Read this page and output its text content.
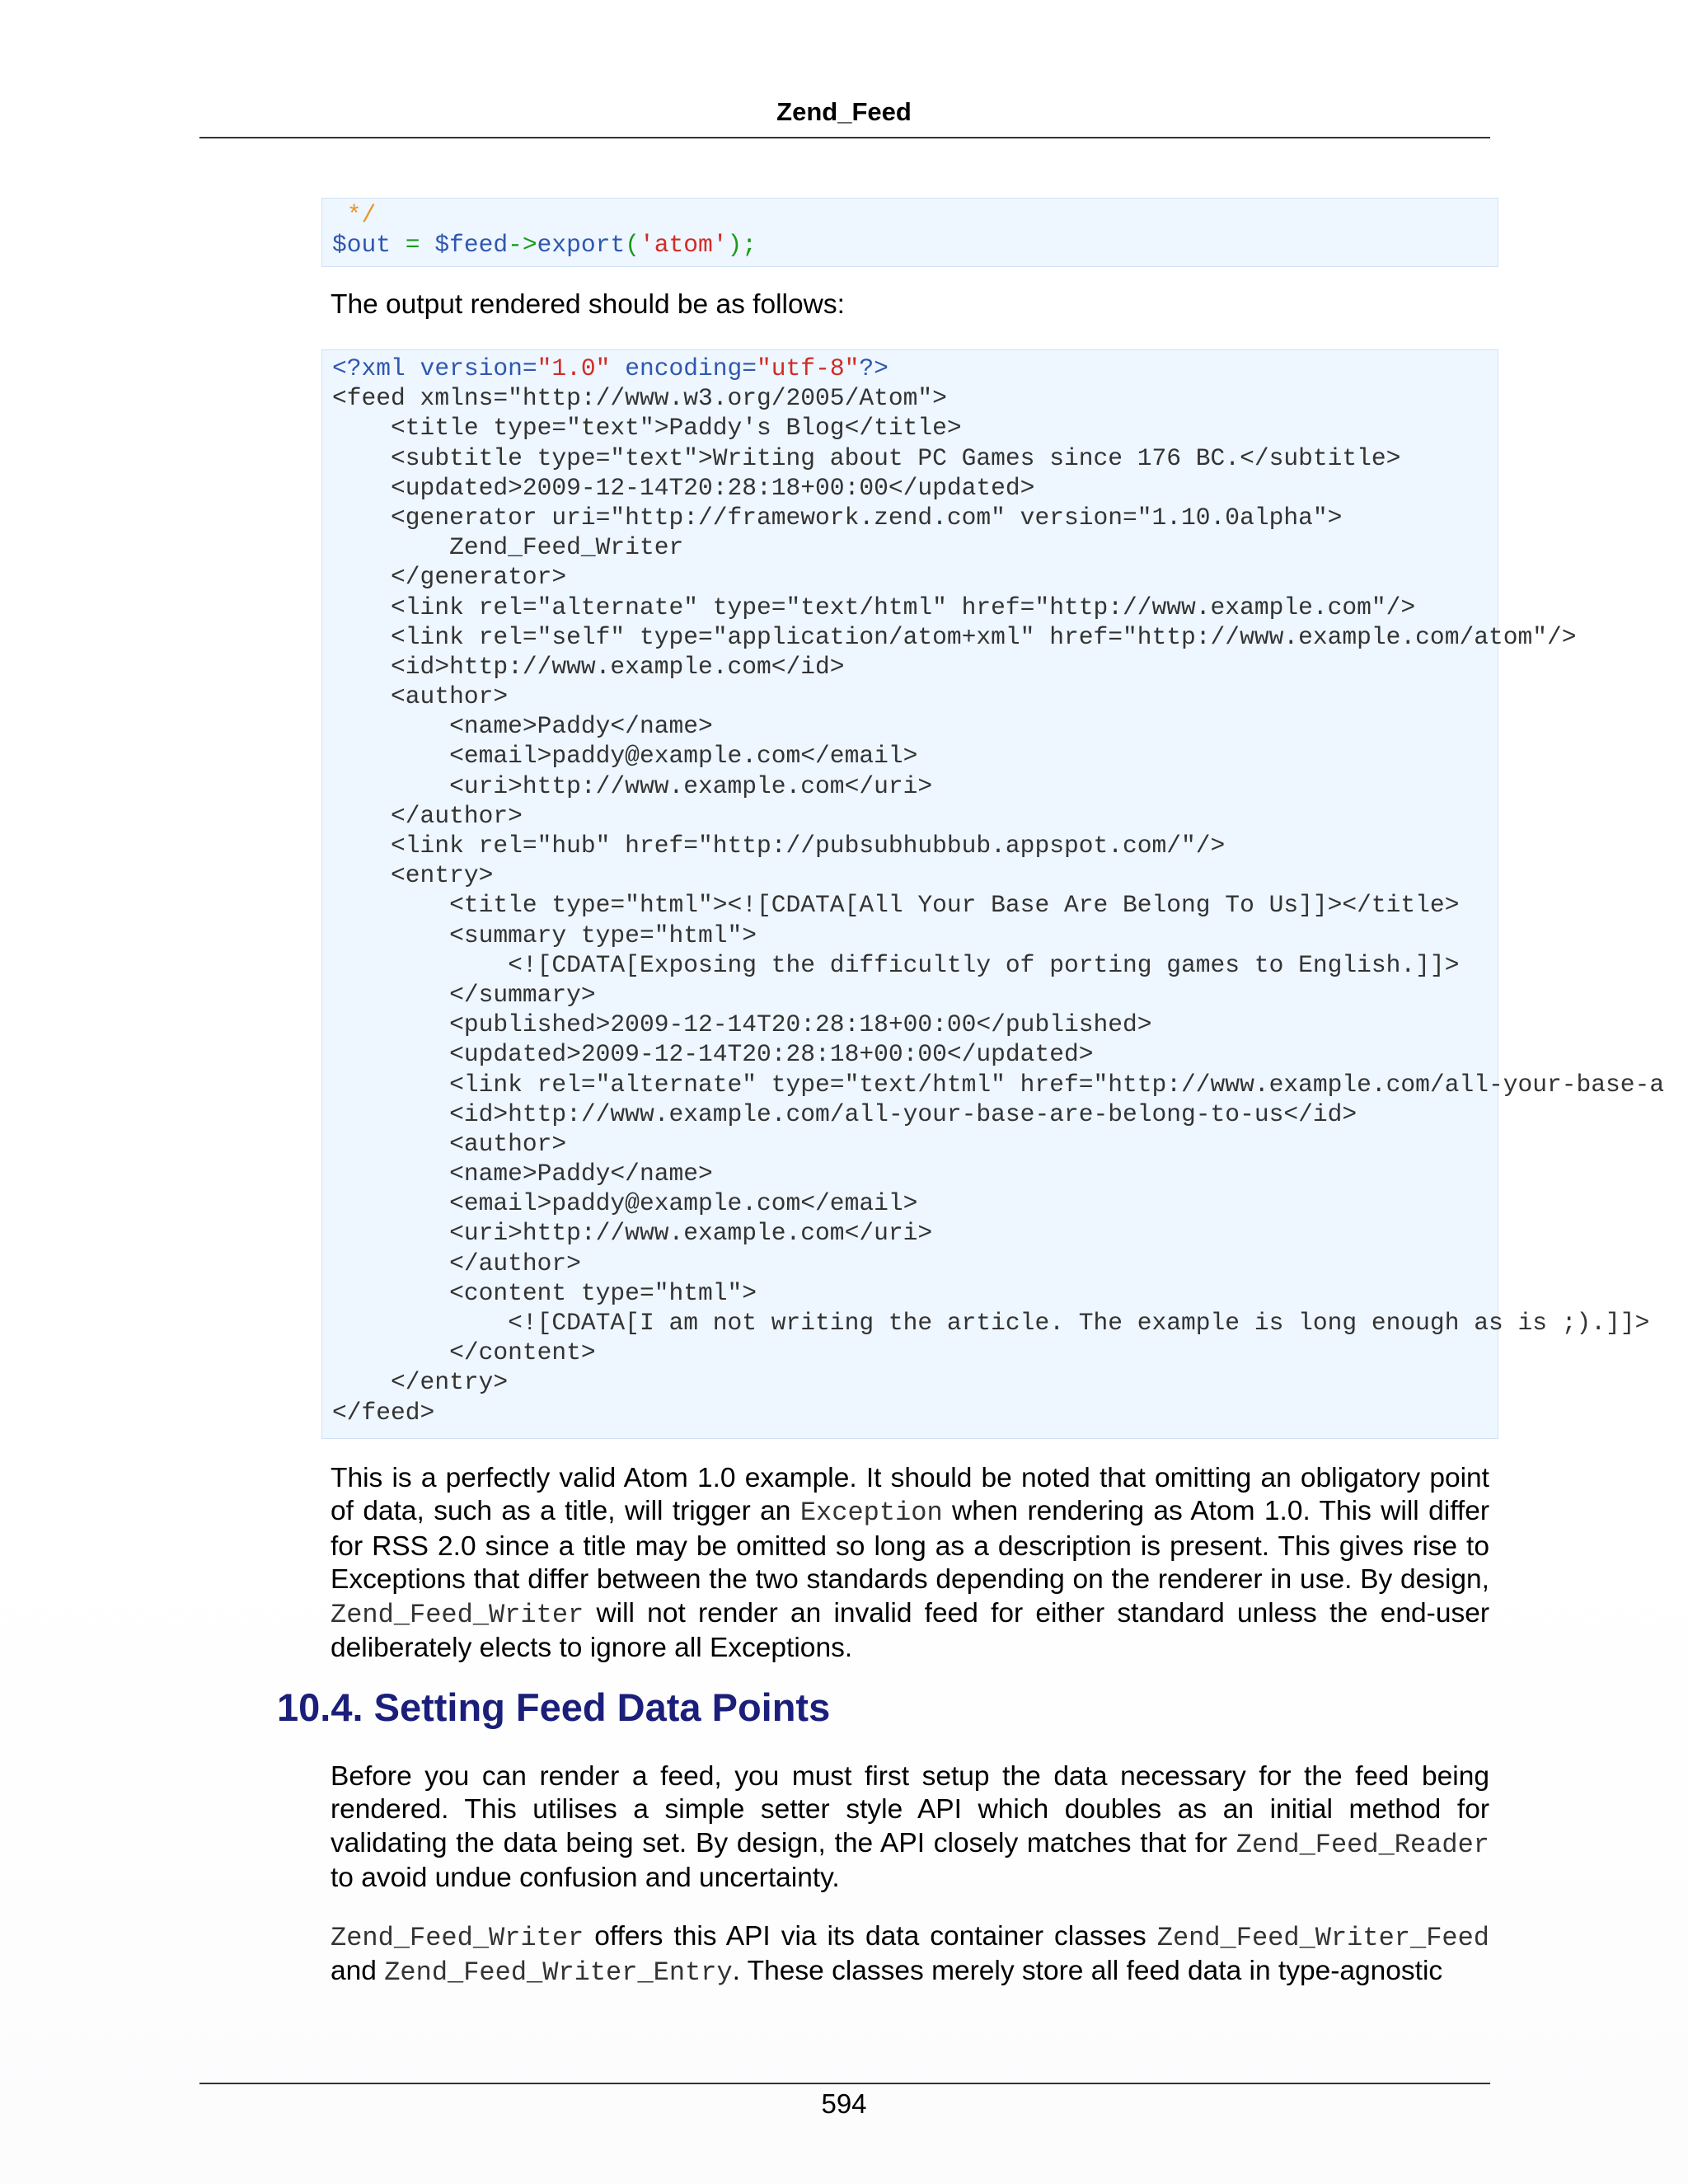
Zend_Feed
*/
$out = $feed->export('atom');

The output rendered should be as follows:

<?xml version="1.0" encoding="utf-8"?>
<feed xmlns="http://www.w3.org/2005/Atom">
<title type="text">Paddy's Blog</title>
<subtitle type="text">Writing about PC Games since 176 BC.</subtitle>
<updated>2009-12-14T20:28:18+00:00</updated>
<generator uri="http://framework.zend.com" version="1.10.0alpha">
Zend_Feed_Writer
</generator>
<link rel="alternate" type="text/html" href="http://www.example.com"/>
<link rel="self" type="application/atom+xml" href="http://www.example.com/atom"/>
<id>http://www.example.com</id>
<author>
<name>Paddy</name>
<email>paddy@example.com</email>
<uri>http://www.example.com</uri>
</author>
<link rel="hub" href="http://pubsubhubbub.appspot.com/"/>
<entry>
<title type="html"><![CDATA[All Your Base Are Belong To Us]]></title>
<summary type="html">
<![CDATA[Exposing the difficultly of porting games to English.]]>
</summary>
<published>2009-12-14T20:28:18+00:00</published>
<updated>2009-12-14T20:28:18+00:00</updated>
<link rel="alternate" type="text/html" href="http://www.example.com/all-your-base-a
<id>http://www.example.com/all-your-base-are-belong-to-us</id>
<author>
<name>Paddy</name>
<email>paddy@example.com</email>
<uri>http://www.example.com</uri>
</author>
<content type="html">
<![CDATA[I am not writing the article. The example is long enough as is ;).]]>
</content>
</entry>
</feed>

This is a perfectly valid Atom 1.0 example. It should be noted that omitting an obligatory point of data, such as a title, will trigger an Exception when rendering as Atom 1.0. This will differ for RSS 2.0 since a title may be omitted so long as a description is present. This gives rise to Exceptions that differ between the two standards depending on the renderer in use. By design, Zend_Feed_Writer will not render an invalid feed for either standard unless the end-user deliberately elects to ignore all Exceptions.

10.4. Setting Feed Data Points

Before you can render a feed, you must first setup the data necessary for the feed being rendered. This utilises a simple setter style API which doubles as an initial method for validating the data being set. By design, the API closely matches that for Zend_Feed_Reader to avoid undue confusion and uncertainty.

Zend_Feed_Writer offers this API via its data container classes Zend_Feed_Writer_Feed and Zend_Feed_Writer_Entry. These classes merely store all feed data in type-agnostic

594
